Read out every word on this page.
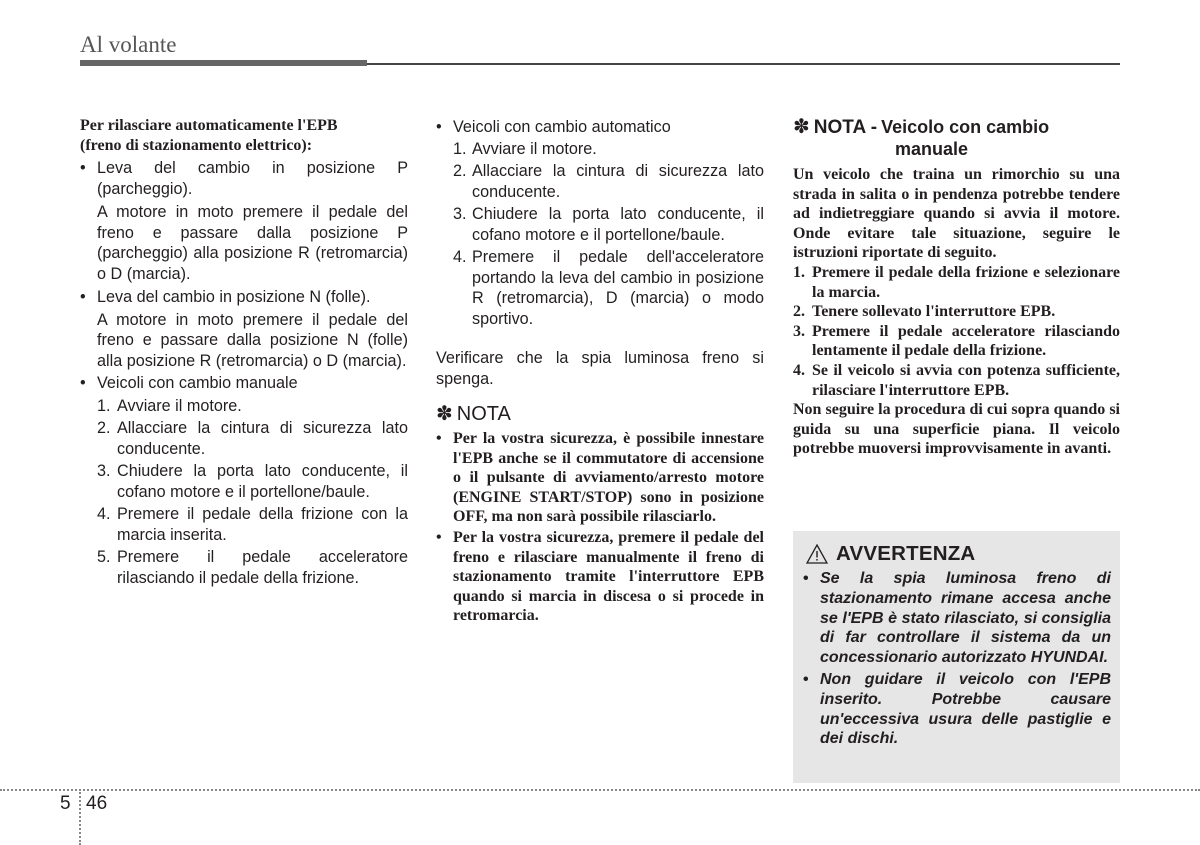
Al volante

Per rilasciare automaticamente l'EPB

(freno di stazionamento elettrico):

• Leva del cambio in posizione P (parcheggio).

A motore in moto premere il pedale del freno e passare dalla posizione P (parcheggio) alla posizione R (retromarcia) o D (marcia).

• Leva del cambio in posizione N (folle).

A motore in moto premere il pedale del freno e passare dalla posizione N (folle) alla posizione R (retromarcia) o D (marcia).

• Veicoli con cambio manuale
1. Avviare il motore.
2. Allacciare la cintura di sicurezza lato conducente.
3. Chiudere la porta lato conducente, il cofano motore e il portellone/baule.
4. Premere il pedale della frizione con la marcia inserita.
5. Premere il pedale acceleratore rilasciando il pedale della frizione.
• Veicoli con cambio automatico
1. Avviare il motore.
2. Allacciare la cintura di sicurezza lato conducente.
3. Chiudere la porta lato conducente, il cofano motore e il portellone/baule.
4. Premere il pedale dell'acceleratore portando la leva del cambio in posizione R (retromarcia), D (marcia) o modo sportivo.

Verificare che la spia luminosa freno si spenga.

✽ NOTA
• Per la vostra sicurezza, è possibile innestare l'EPB anche se il commutatore di accensione o il pulsante di avviamento/arresto motore (ENGINE START/STOP) sono in posizione OFF, ma non sarà possibile rilasciarlo.
• Per la vostra sicurezza, premere il pedale del freno e rilasciare manualmente il freno di stazionamento tramite l'interruttore EPB quando si marcia in discesa o si procede in retromarcia.
✽ NOTA - Veicolo con cambio
manuale

Un veicolo che traina un rimorchio su una strada in salita o in pendenza potrebbe tendere ad indietreggiare quando si avvia il motore. Onde evitare tale situazione, seguire le istruzioni riportate di seguito.

1. Premere il pedale della frizione e selezionare la marcia.
2. Tenere sollevato l'interruttore EPB.
3. Premere il pedale acceleratore rilasciando lentamente il pedale della frizione.
4. Se il veicolo si avvia con potenza sufficiente, rilasciare l'interruttore EPB.

Non seguire la procedura di cui sopra quando si guida su una superficie piana. Il veicolo potrebbe muoversi improvvisamente in avanti.

AVVERTENZA
• Se la spia luminosa freno di stazionamento rimane accesa anche se l'EPB è stato rilasciato, si consiglia di far controllare il sistema da un concessionario autorizzato HYUNDAI.
• Non guidare il veicolo con l'EPB inserito. Potrebbe causare un'eccessiva usura delle pastiglie e dei dischi.
5 46
